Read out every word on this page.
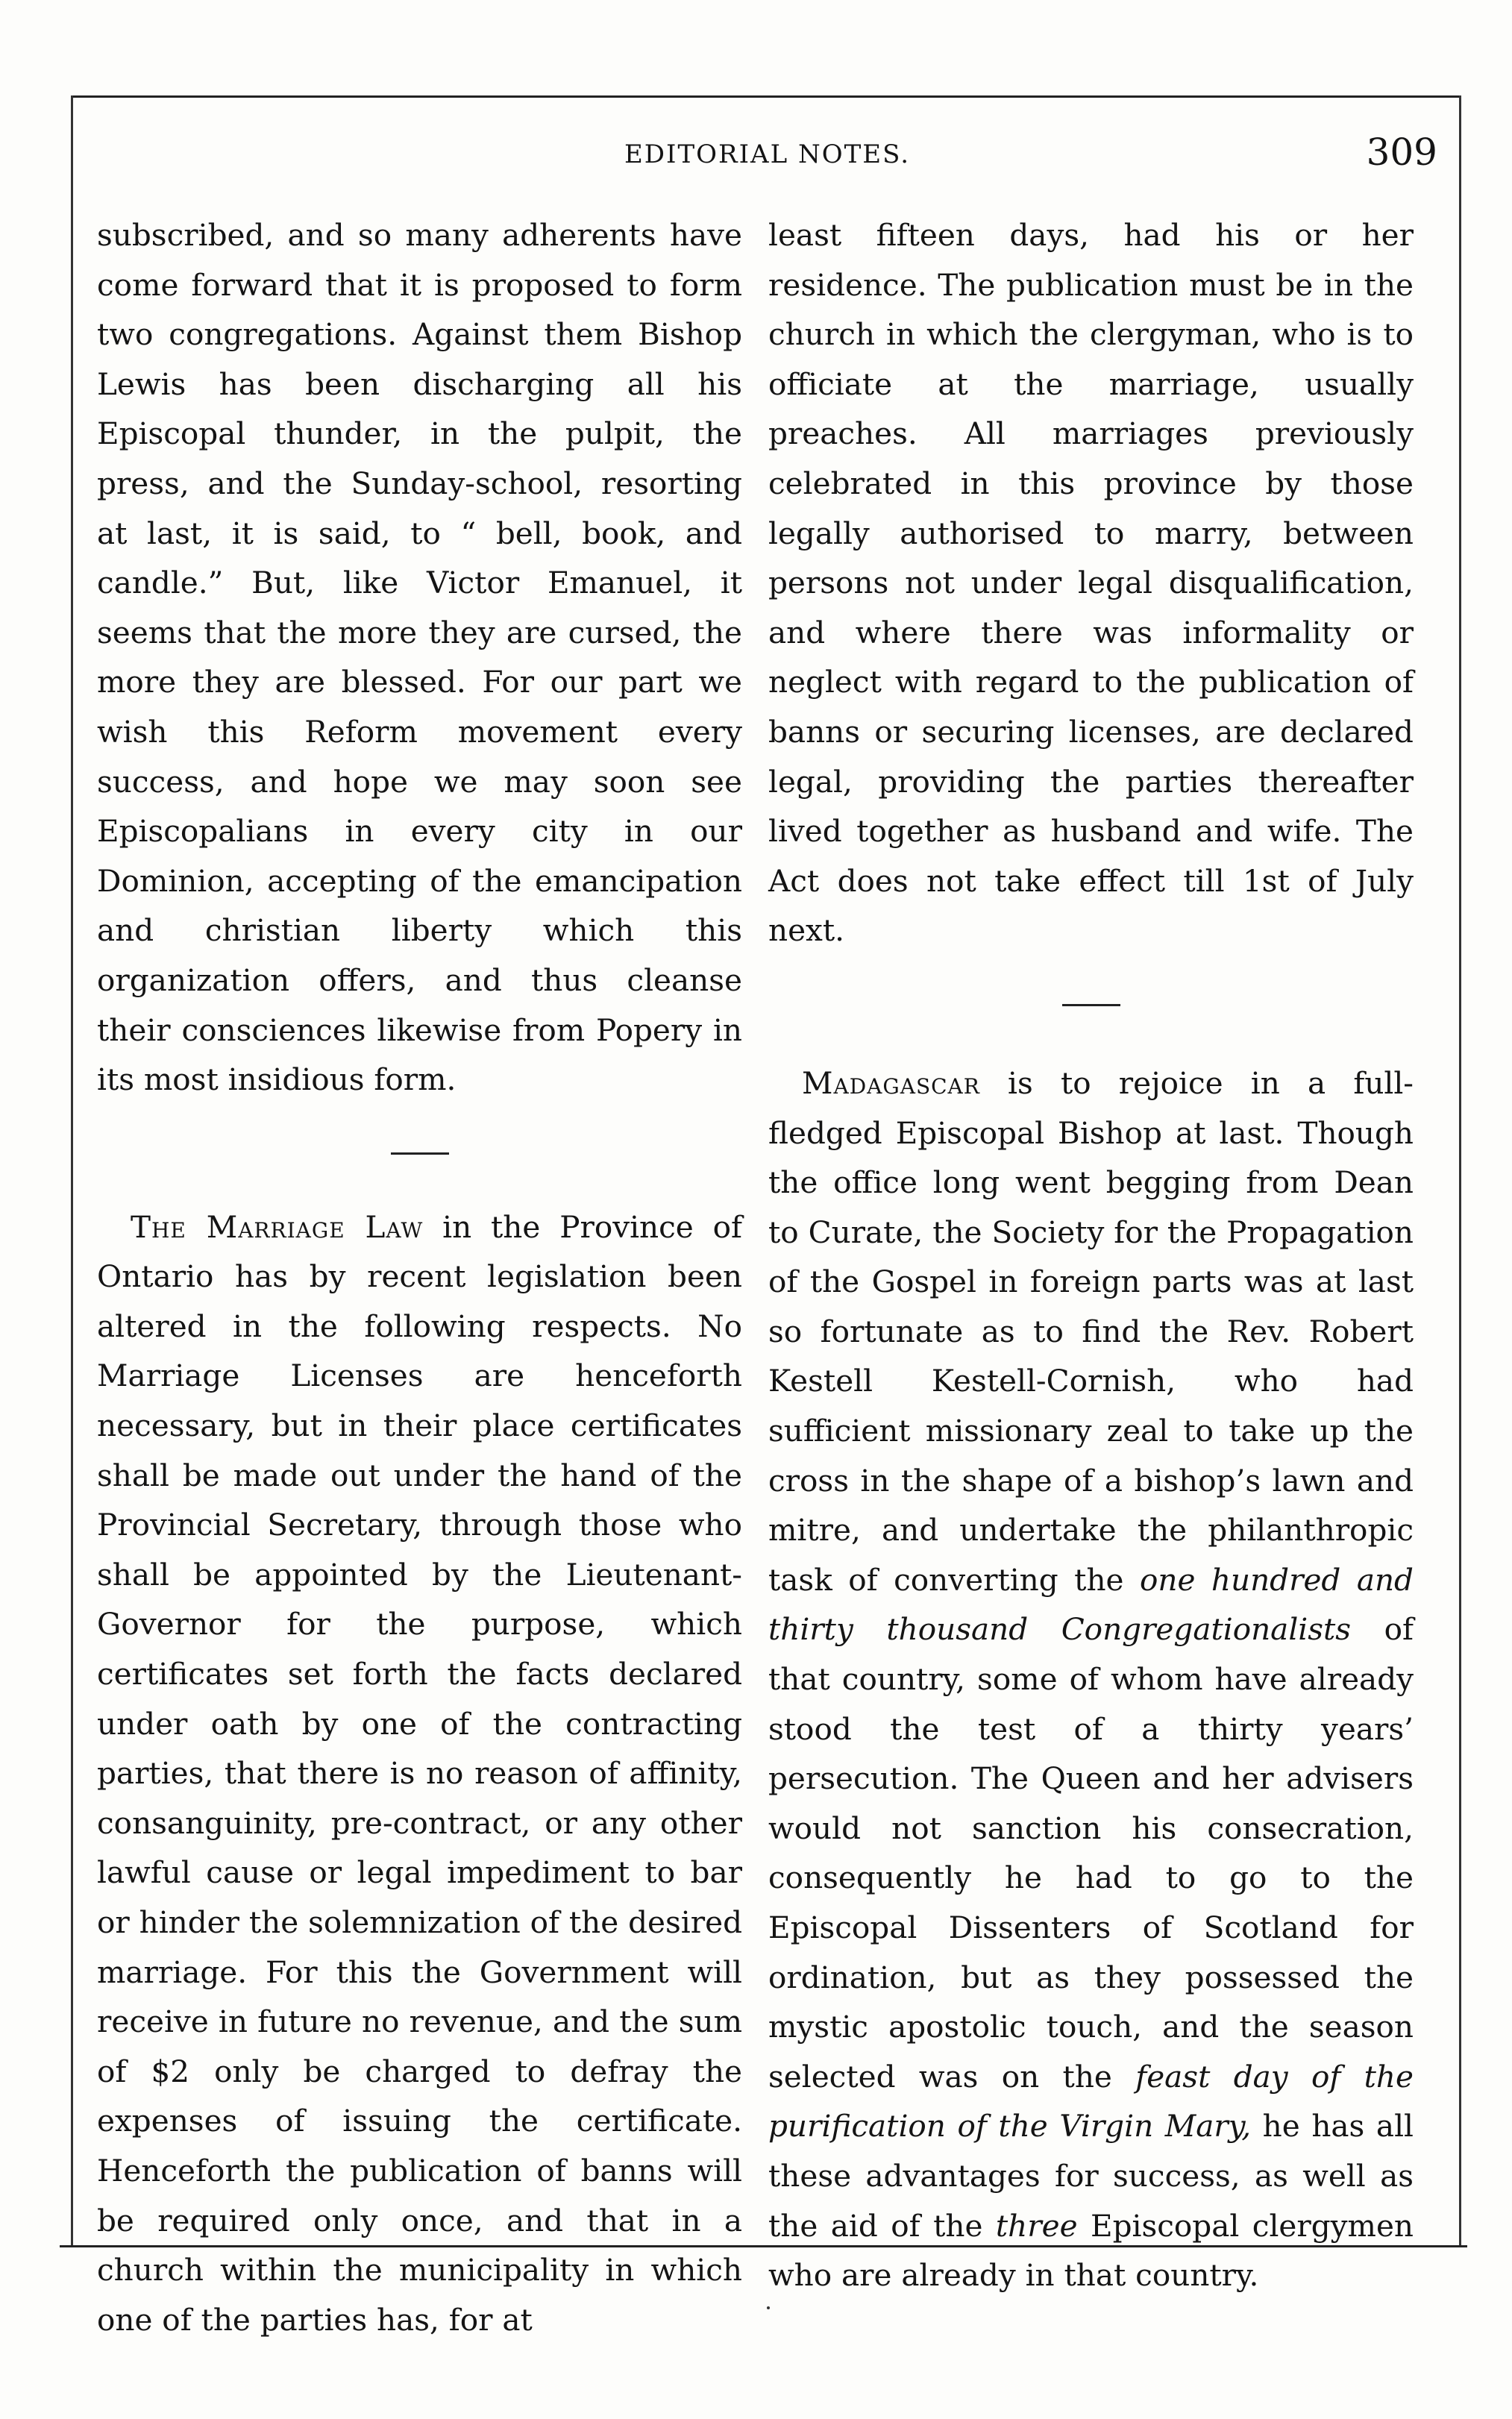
EDITORIAL NOTES.	309

subscribed, and so many adherents have come forward that it is proposed to form two congregations. Against them Bishop Lewis has been discharging all his Episcopal thunder, in the pulpit, the press, and the Sunday-school, resorting at last, it is said, to “ bell, book, and candle.” But, like Victor Emanuel, it seems that the more they are cursed, the more they are blessed. For our part we wish this Reform movement every success, and hope we may soon see Episcopalians in every city in our Dominion, accepting of the emancipation and christian liberty which this organization offers, and thus cleanse their consciences likewise from Popery in its most insidious form.

The Marriage Law in the Province of Ontario has by recent legislation been altered in the following respects. No Marriage Licenses are henceforth necessary, but in their place certificates shall be made out under the hand of the Provincial Secretary, through those who shall be appointed by the Lieutenant-Governor for the purpose, which certificates set forth the facts declared under oath by one of the contracting parties, that there is no reason of affinity, consanguinity, pre-contract, or any other lawful cause or legal impediment to bar or hinder the solemnization of the desired marriage. For this the Government will receive in future no revenue, and the sum of $2 only be charged to defray the expenses of issuing the certificate. Henceforth the publication of banns will be required only once, and that in a church within the municipality in which one of the parties has, for at

least fifteen days, had his or her residence. The publication must be in the church in which the clergyman, who is to officiate at the marriage, usually preaches. All marriages previously celebrated in this province by those legally authorised to marry, between persons not under legal disqualification, and where there was informality or neglect with regard to the publication of banns or securing licenses, are declared legal, providing the parties thereafter lived together as husband and wife. The Act does not take effect till 1st of July next.

Madagascar is to rejoice in a full-fledged Episcopal Bishop at last. Though the office long went begging from Dean to Curate, the Society for the Propagation of the Gospel in foreign parts was at last so fortunate as to find the Rev. Robert Kestell Kestell-Cornish, who had sufficient missionary zeal to take up the cross in the shape of a bishop’s lawn and mitre, and undertake the philanthropic task of converting the one hundred and thirty thousand Congregationalists of that country, some of whom have already stood the test of a thirty years’ persecution. The Queen and her advisers would not sanction his consecration, consequently he had to go to the Episcopal Dissenters of Scotland for ordination, but as they possessed the mystic apostolic touch, and the season selected was on the feast day of the purification of the Virgin Mary, he has all these advantages for success, as well as the aid of the three Episcopal clergymen who are already in that country.
